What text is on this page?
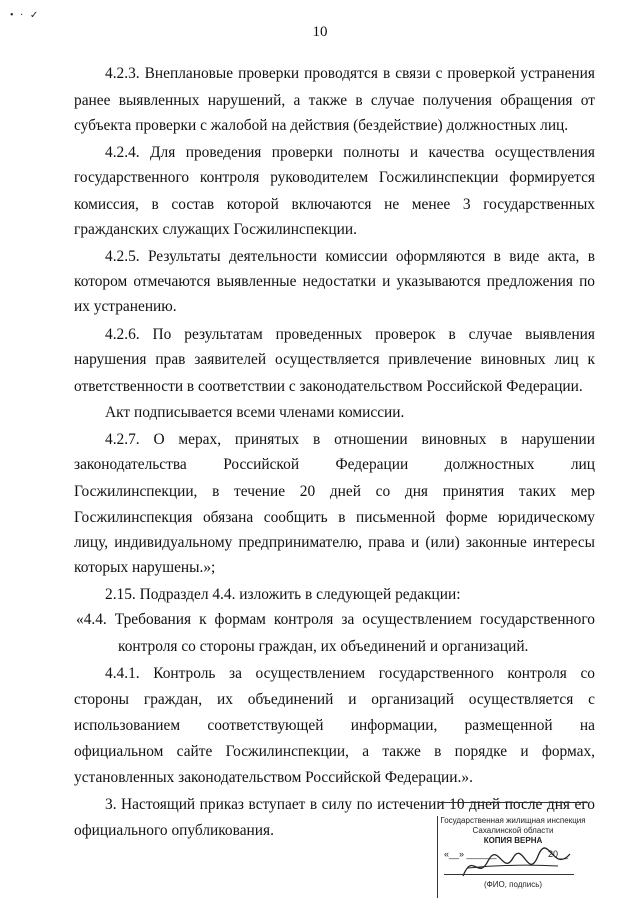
• · ✓
10
4.2.3. Внеплановые проверки проводятся в связи с проверкой устранения
ранее выявленных нарушений, а также в случае получения обращения от
субъекта проверки с жалобой на действия (бездействие) должностных лиц.
4.2.4. Для проведения проверки полноты и качества осуществления
государственного контроля руководителем Госжилинспекции формируется
комиссия, в состав которой включаются не менее 3 государственных
гражданских служащих Госжилинспекции.
4.2.5. Результаты деятельности комиссии оформляются в виде акта, в
котором отмечаются выявленные недостатки и указываются предложения по
их устранению.
4.2.6. По результатам проведенных проверок в случае выявления
нарушения прав заявителей осуществляется привлечение виновных лиц к
ответственности в соответствии с законодательством Российской Федерации.
Акт подписывается всеми членами комиссии.
4.2.7. О мерах, принятых в отношении виновных в нарушении
законодательства Российской Федерации должностных лиц
Госжилинспекции, в течение 20 дней со дня принятия таких мер
Госжилинспекция обязана сообщить в письменной форме юридическому
лицу, индивидуальному предпринимателю, права и (или) законные интересы
которых нарушены.»;
2.15. Подраздел 4.4. изложить в следующей редакции:
«4.4. Требования к формам контроля за осуществлением государственного
контроля со стороны граждан, их объединений и организаций.
4.4.1. Контроль за осуществлением государственного контроля со
стороны граждан, их объединений и организаций осуществляется с
использованием соответствующей информации, размещенной на
официальном сайте Госжилинспекции, а также в порядке и формах,
установленных законодательством Российской Федерации.».
3. Настоящий приказ вступает в силу по истечении 10 дней после дня его
официального опубликования.
Государственная жилищная инспекция Сахалинской области
КОПИЯ ВЕРНА
«__» ______	20__
(ФИО, подпись)
